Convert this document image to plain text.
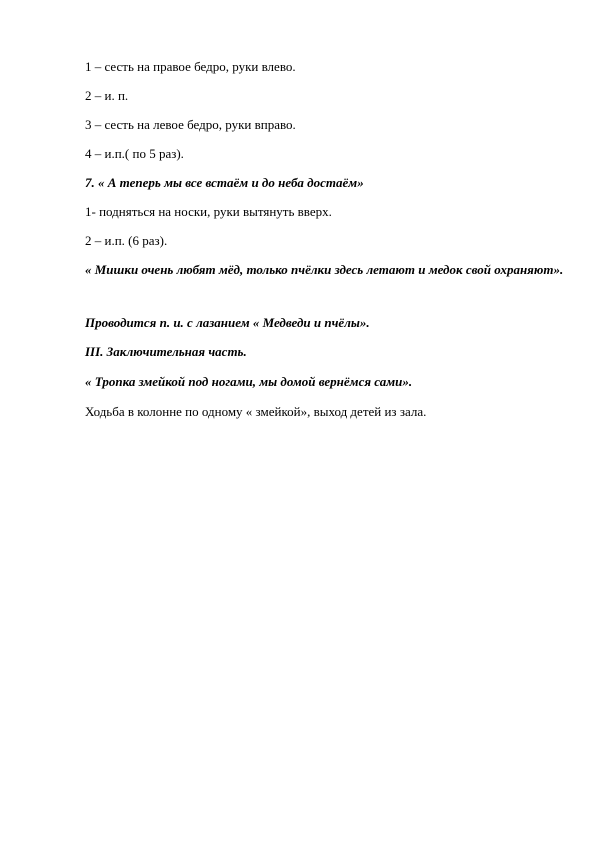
1 – сесть на правое бедро, руки влево.

2 – и. п.

3 – сесть на левое бедро, руки вправо.

4 – и.п.( по 5 раз).

7. « А теперь мы все встаём и до неба достаём»

1- подняться на носки, руки вытянуть вверх.

2 – и.п. (6 раз).

« Мишки очень любят мёд, только пчёлки здесь летают и медок свой охраняют».

Проводится п. и. с лазанием « Медведи и пчёлы».

III. Заключительная часть.

« Тропка змейкой под ногами, мы домой вернёмся сами».

Ходьба в колонне по одному « змейкой», выход детей из зала.
